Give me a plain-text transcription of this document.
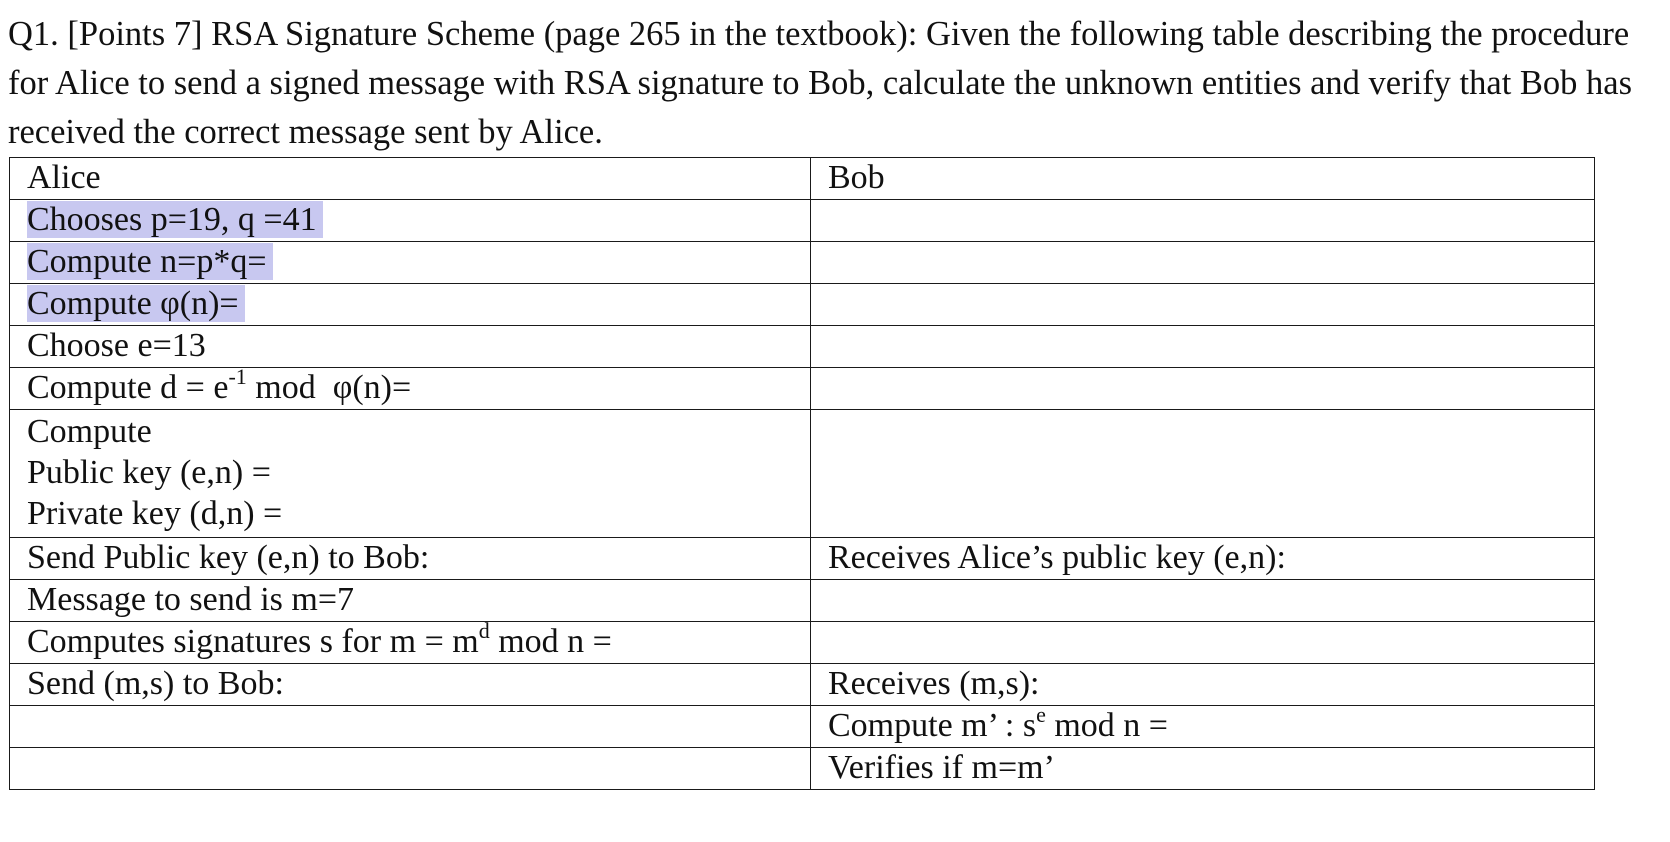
Q1. [Points 7] RSA Signature Scheme (page 265 in the textbook): Given the following table describing the procedure for Alice to send a signed message with RSA signature to Bob, calculate the unknown entities and verify that Bob has received the correct message sent by Alice.

Alice	Bob
Chooses p=19, q =41	
Compute n=p*q=	
Compute φ(n)=	
Choose e=13	
Compute $d = e^{-1}$ mod  φ(n)=	

Compute
Public key (e,n) =
Private key (d,n) =	

Send Public key (e,n) to Bob:	Receives Alice’s public key (e,n):
Message to send is m=7	
Computes signatures s for $m = m^d$ mod n =	
Send (m,s) to Bob:	Receives (m,s):
	Compute m’ : $s^e$ mod n =
	Verifies if m=m’
